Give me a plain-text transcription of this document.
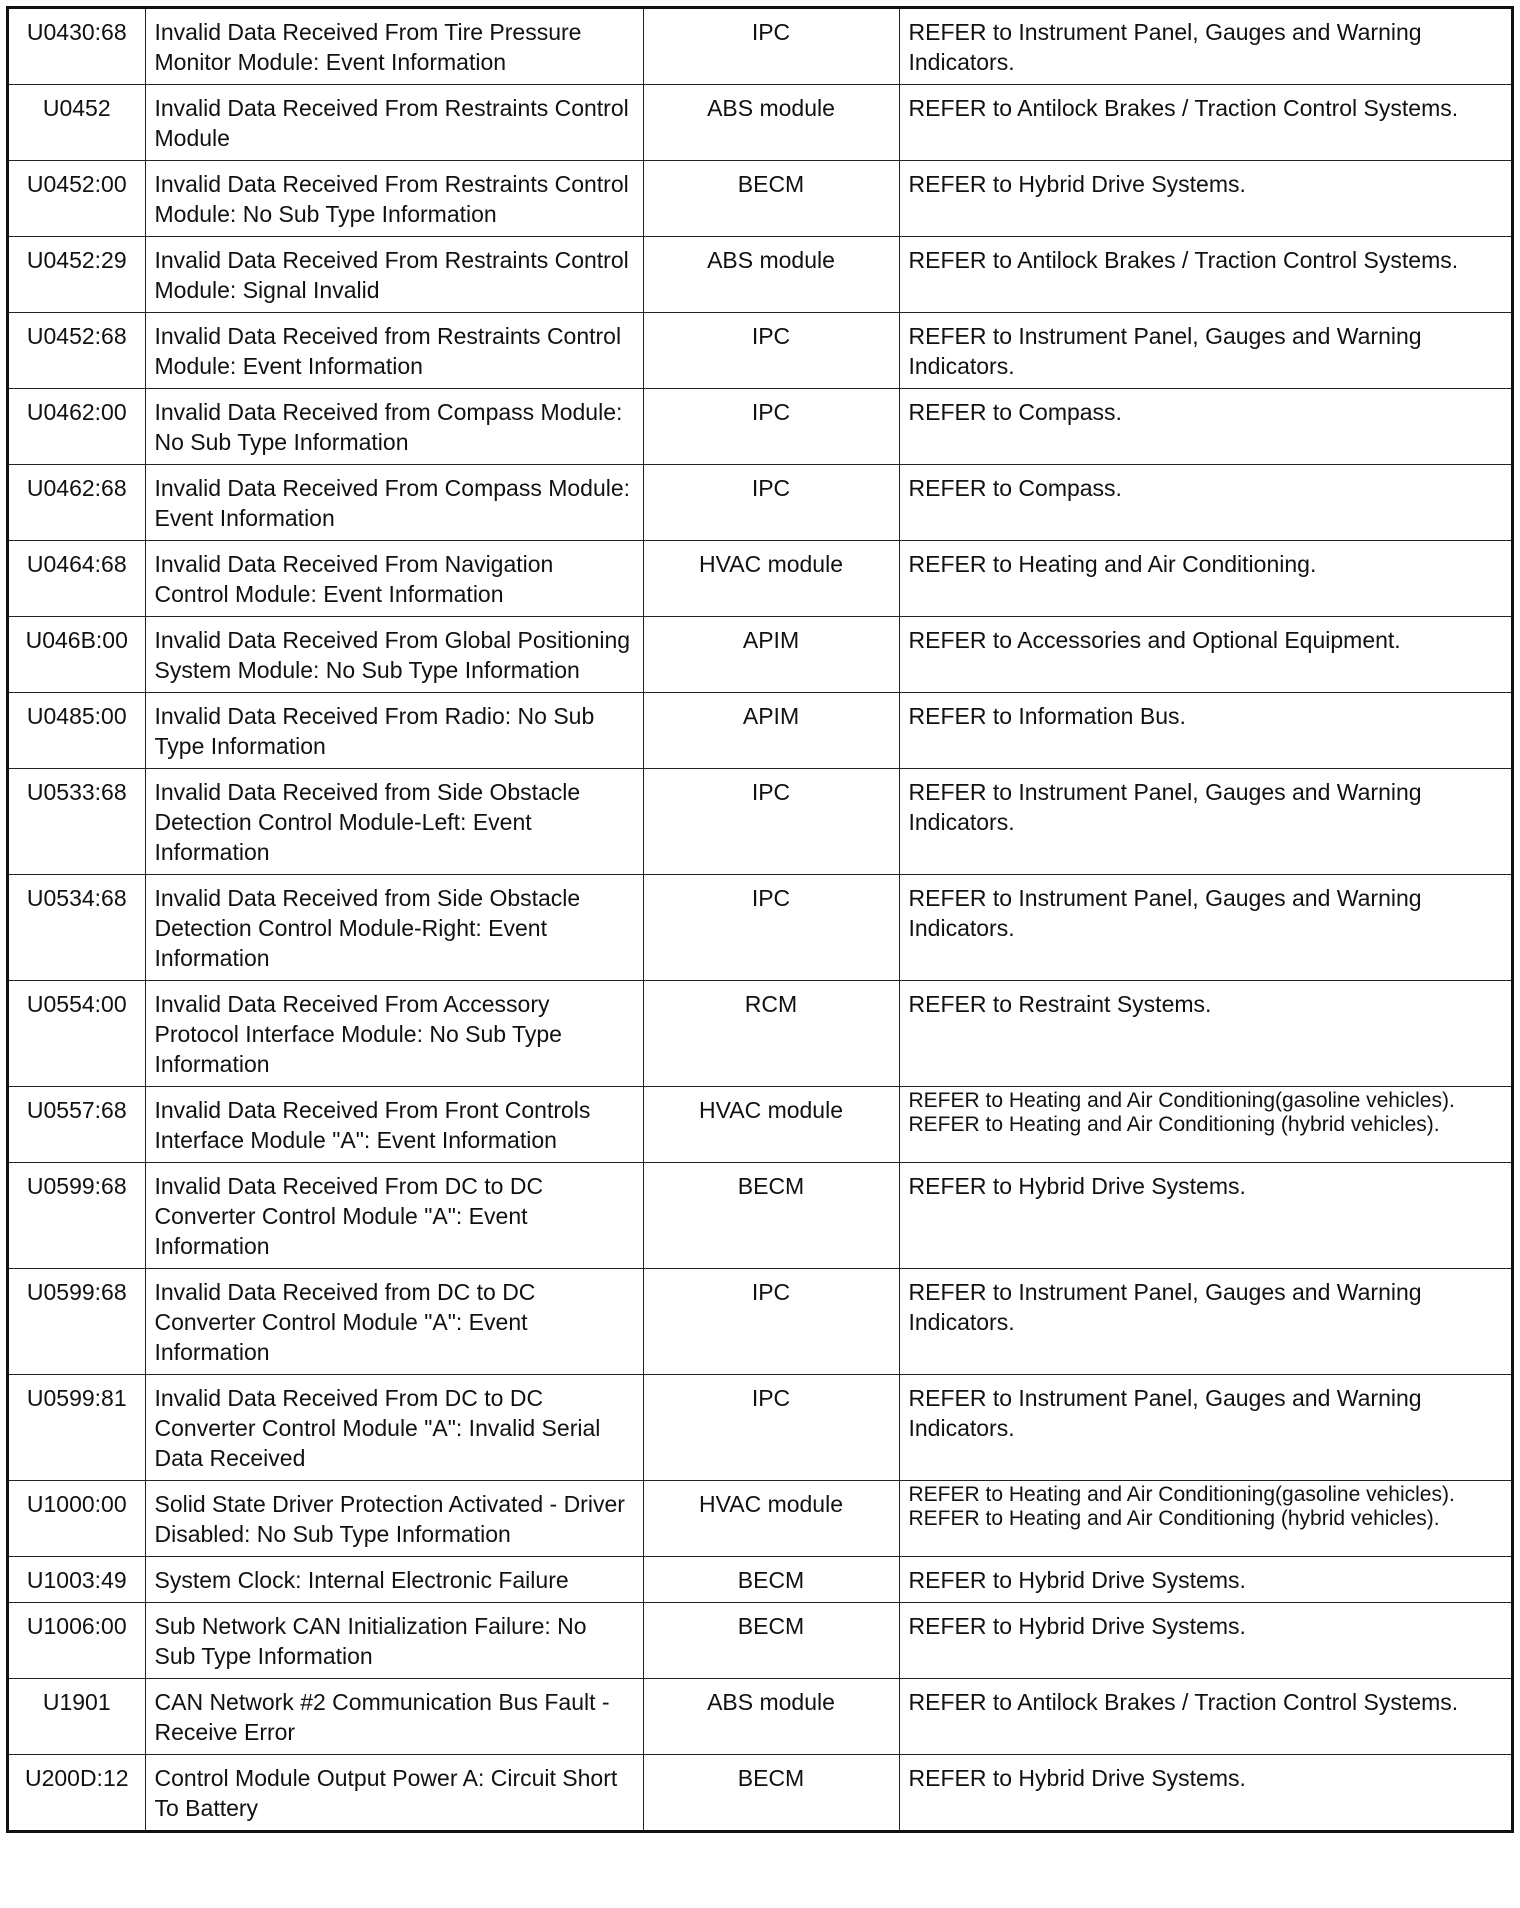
U0430:68	Invalid Data Received From Tire Pressure Monitor Module: Event Information	IPC	REFER to Instrument Panel, Gauges and Warning Indicators.
U0452	Invalid Data Received From Restraints Control Module	ABS module	REFER to Antilock Brakes / Traction Control Systems.
U0452:00	Invalid Data Received From Restraints Control Module: No Sub Type Information	BECM	REFER to Hybrid Drive Systems.
U0452:29	Invalid Data Received From Restraints Control Module: Signal Invalid	ABS module	REFER to Antilock Brakes / Traction Control Systems.
U0452:68	Invalid Data Received from Restraints Control Module: Event Information	IPC	REFER to Instrument Panel, Gauges and Warning Indicators.
U0462:00	Invalid Data Received from Compass Module: No Sub Type Information	IPC	REFER to Compass.
U0462:68	Invalid Data Received From Compass Module: Event Information	IPC	REFER to Compass.
U0464:68	Invalid Data Received From Navigation Control Module: Event Information	HVAC module	REFER to Heating and Air Conditioning.
U046B:00	Invalid Data Received From Global Positioning System Module: No Sub Type Information	APIM	REFER to Accessories and Optional Equipment.
U0485:00	Invalid Data Received From Radio: No Sub Type Information	APIM	REFER to Information Bus.
U0533:68	Invalid Data Received from Side Obstacle Detection Control Module-Left: Event Information	IPC	REFER to Instrument Panel, Gauges and Warning Indicators.
U0534:68	Invalid Data Received from Side Obstacle Detection Control Module-Right: Event Information	IPC	REFER to Instrument Panel, Gauges and Warning Indicators.
U0554:00	Invalid Data Received From Accessory Protocol Interface Module: No Sub Type Information	RCM	REFER to Restraint Systems.
U0557:68	Invalid Data Received From Front Controls Interface Module "A": Event Information	HVAC module	REFER to Heating and Air Conditioning(gasoline vehicles). REFER to Heating and Air Conditioning (hybrid vehicles).
U0599:68	Invalid Data Received From DC to DC Converter Control Module "A": Event Information	BECM	REFER to Hybrid Drive Systems.
U0599:68	Invalid Data Received from DC to DC Converter Control Module "A": Event Information	IPC	REFER to Instrument Panel, Gauges and Warning Indicators.
U0599:81	Invalid Data Received From DC to DC Converter Control Module "A": Invalid Serial Data Received	IPC	REFER to Instrument Panel, Gauges and Warning Indicators.
U1000:00	Solid State Driver Protection Activated - Driver Disabled: No Sub Type Information	HVAC module	REFER to Heating and Air Conditioning(gasoline vehicles). REFER to Heating and Air Conditioning (hybrid vehicles).
U1003:49	System Clock: Internal Electronic Failure	BECM	REFER to Hybrid Drive Systems.
U1006:00	Sub Network CAN Initialization Failure: No Sub Type Information	BECM	REFER to Hybrid Drive Systems.
U1901	CAN Network #2 Communication Bus Fault - Receive Error	ABS module	REFER to Antilock Brakes / Traction Control Systems.
U200D:12	Control Module Output Power A: Circuit Short To Battery	BECM	REFER to Hybrid Drive Systems.
